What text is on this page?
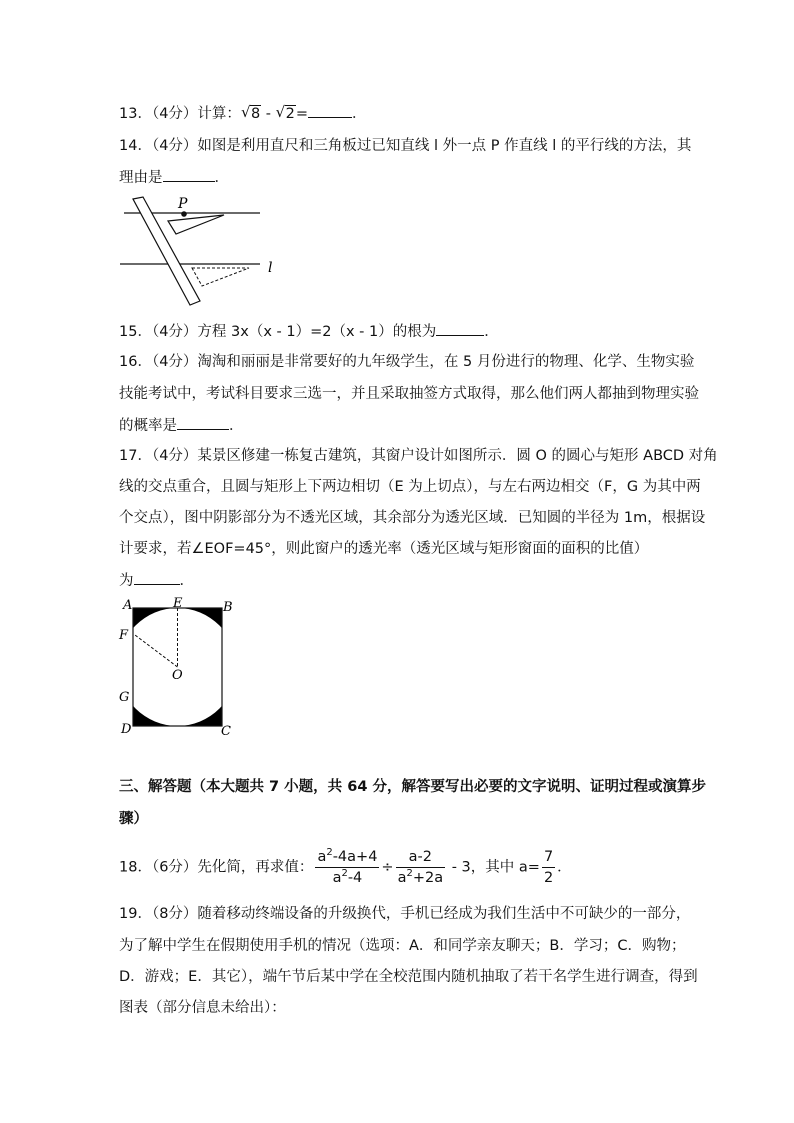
13．（4分）计算： √ 8 - √ 2=	．
14．（4分）如图是利用直尺和三角板过已知直线 l 外一点 P 作直线 l 的平行线的方法，其
理由是	．
P
l
15．（4分）方程 3x（x - 1）=2（x - 1）的根为	．
16．（4分）淘淘和丽丽是非常要好的九年级学生，在 5 月份进行的物理、化学、生物实验
技能考试中，考试科目要求三选一，并且采取抽签方式取得，那么他们两人都抽到物理实验
的概率是	．
17．（4分）某景区修建一栋复古建筑，其窗户设计如图所示．圆 O 的圆心与矩形 ABCD 对角
线的交点重合，且圆与矩形上下两边相切（E 为上切点），与左右两边相交（F，G 为其中两
个交点），图中阴影部分为不透光区域，其余部分为透光区域．已知圆的半径为 1m，根据设
计要求，若∠EOF=45°，则此窗户的透光率（透光区域与矩形窗面的面积的比值）
为	．
A	E	B
F
O
G
D	C
三、解答题（本大题共 7 小题，共 64 分，解答要写出必要的文字说明、证明过程或演算步
骤）
18．（6分）先化简，再求值： $\frac{a^2-4a+4}{a^2-4} \div \frac{a-2}{a^2+2a} - 3$，其中 $a= \frac{7}{2}$ ．
19．（8分）随着移动终端设备的升级换代，手机已经成为我们生活中不可缺少的一部分，
为了解中学生在假期使用手机的情况（选项：A．和同学亲友聊天；B．学习；C．购物；
D．游戏；E．其它），端午节后某中学在全校范围内随机抽取了若干名学生进行调查，得到
图表（部分信息未给出）：
